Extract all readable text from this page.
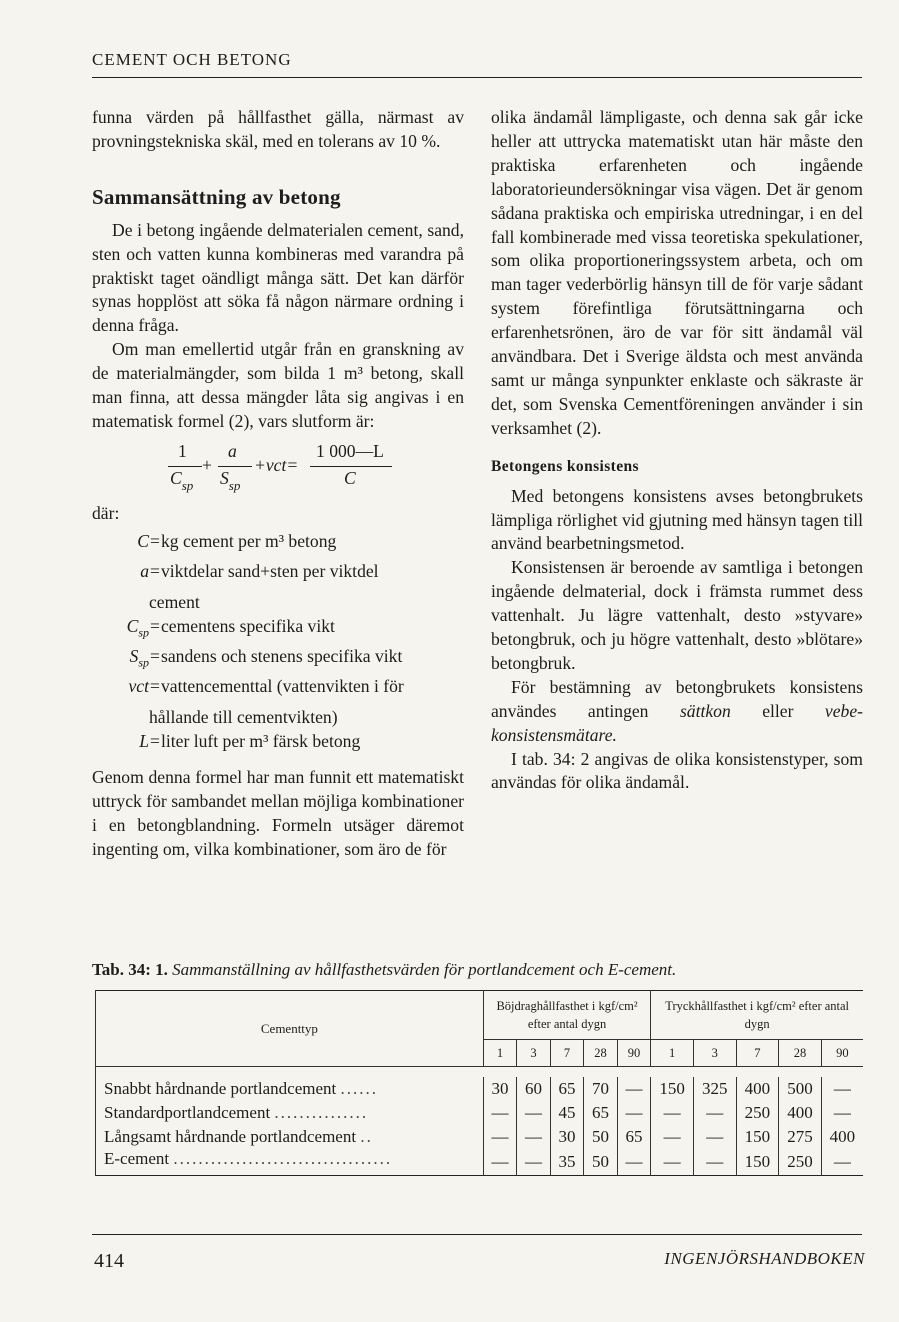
CEMENT OCH BETONG

funna värden på hållfasthet gälla, närmast av provningstekniska skäl, med en tolerans av 10 %.

Sammansättning av betong

De i betong ingående delmaterialen cement, sand, sten och vatten kunna kombineras med varandra på praktiskt taget oändligt många sätt. Det kan därför synas hopplöst att söka få någon närmare ordning i denna fråga.

Om man emellertid utgår från en granskning av de materialmängder, som bilda 1 m³ betong, skall man finna, att dessa mängder låta sig angivas i en matematisk formel (2), vars slutform är:

1
$C_{sp}$
+
a
$S_{sp}$
+vct=
1 000—L
C

där:

C = kg cement per m³ betong
a = viktdelar sand+sten per viktdel
cement
$C_{sp}$ = cementens specifika vikt
$S_{sp}$ = sandens och stenens specifika vikt
vct = vattencementtal (vattenvikten i för
hållande till cementvikten)
L = liter luft per m³ färsk betong

Genom denna formel har man funnit ett matematiskt uttryck för sambandet mellan möjliga kombinationer i en betongblandning. Formeln utsäger däremot ingenting om, vilka kombinationer, som äro de för

olika ändamål lämpligaste, och denna sak går icke heller att uttrycka matematiskt utan här måste den praktiska erfarenheten och ingående laboratorieundersökningar visa vägen. Det är genom sådana praktiska och empiriska utredningar, i en del fall kombinerade med vissa teoretiska spekulationer, som olika proportioneringssystem arbeta, och om man tager vederbörlig hänsyn till de för varje sådant system förefintliga förutsättningarna och erfarenhetsrönen, äro de var för sitt ändamål väl användbara. Det i Sverige äldsta och mest använda samt ur många synpunkter enklaste och säkraste är det, som Svenska Cementföreningen använder i sin verksamhet (2).

Betongens konsistens

Med betongens konsistens avses betongbrukets lämpliga rörlighet vid gjutning med hänsyn tagen till använd bearbetningsmetod.

Konsistensen är beroende av samtliga i betongen ingående delmaterial, dock i främsta rummet dess vattenhalt. Ju lägre vattenhalt, desto »styvare» betongbruk, och ju högre vattenhalt, desto »blötare» betongbruk.

För bestämning av betongbrukets konsistens användes antingen sättkon eller vebe-konsistensmätare.

I tab. 34: 2 angivas de olika konsistenstyper, som användas för olika ändamål.

Tab. 34: 1. Sammanställning av hållfasthetsvärden för portlandcement och E-cement.
Cementtyp	Böjdraghållfasthet i kgf/cm² efter antal dygn					Tryckhållfasthet i kgf/cm² efter antal dygn				
	1	3	7	28	90	1	3	7	28	90

Snabbt hårdnande portlandcement ......	30	60	65	70	—	150	325	400	500	—
Standardportlandcement ...............	—	—	45	65	—	—	—	250	400	—
Långsamt hårdnande portlandcement ..	—	—	30	50	65	—	—	150	275	400
E-cement ...................................	—	—	35	50	—	—	—	150	250	—
414	INGENJÖRSHANDBOKEN
